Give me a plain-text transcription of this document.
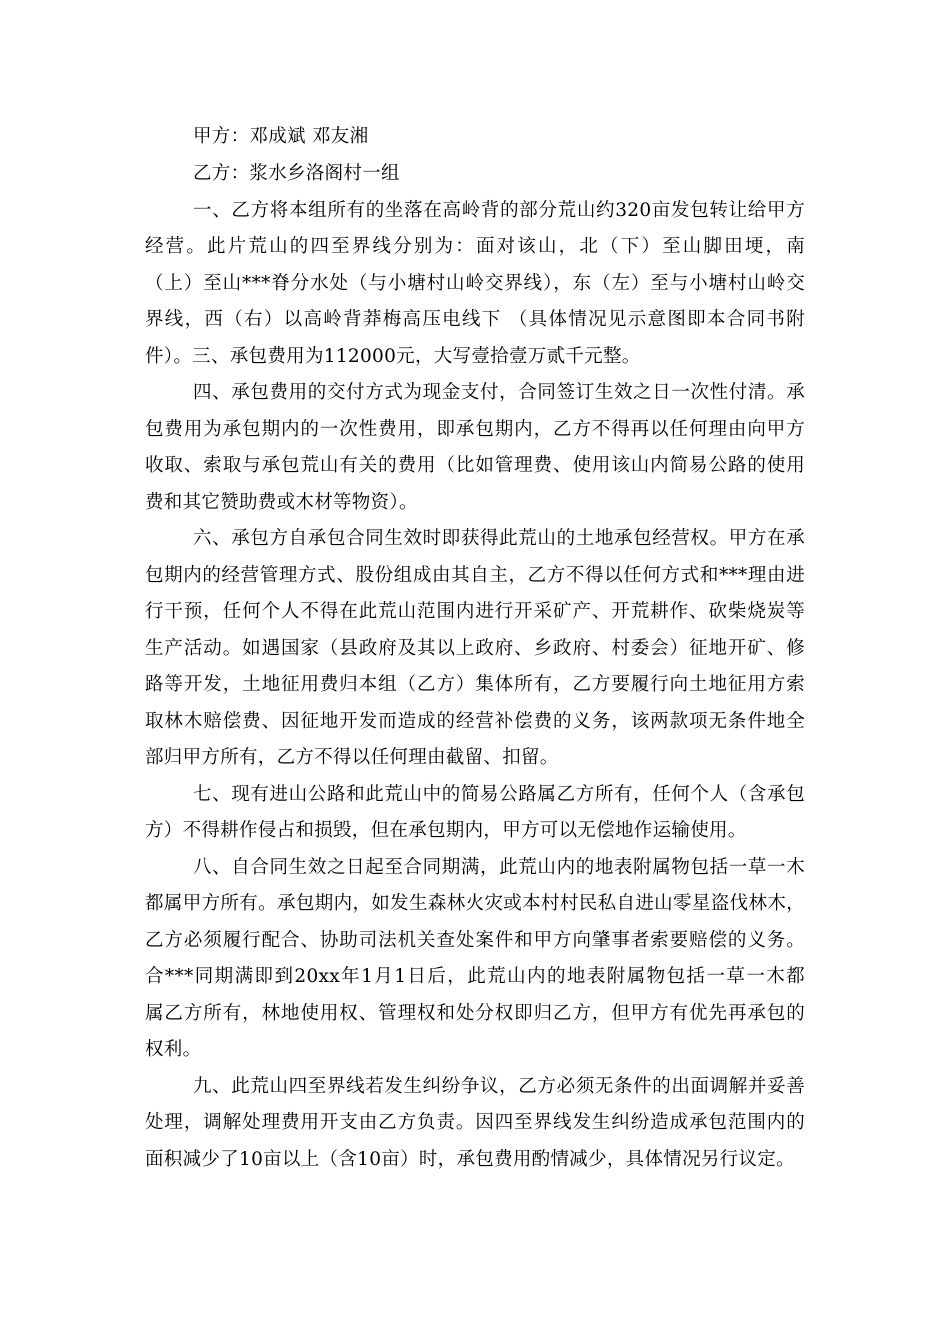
甲方：邓成斌 邓友湘
乙方：浆水乡洛阁村一组
一、乙方将本组所有的坐落在高岭背的部分荒山约320亩发包转让给甲方
经营。此片荒山的四至界线分别为：面对该山，北（下）至山脚田埂，南
（上）至山***脊分水处（与小塘村山岭交界线），东（左）至与小塘村山岭交
界线，西（右）以高岭背莽梅高压电线下 （具体情况见示意图即本合同书附
件）。三、承包费用为112000元，大写壹拾壹万贰千元整。
四、承包费用的交付方式为现金支付，合同签订生效之日一次性付清。承
包费用为承包期内的一次性费用，即承包期内，乙方不得再以任何理由向甲方
收取、索取与承包荒山有关的费用（比如管理费、使用该山内简易公路的使用
费和其它赞助费或木材等物资）。
六、承包方自承包合同生效时即获得此荒山的土地承包经营权。甲方在承
包期内的经营管理方式、股份组成由其自主，乙方不得以任何方式和***理由进
行干预，任何个人不得在此荒山范围内进行开采矿产、开荒耕作、砍柴烧炭等
生产活动。如遇国家（县政府及其以上政府、乡政府、村委会）征地开矿、修
路等开发，土地征用费归本组（乙方）集体所有，乙方要履行向土地征用方索
取林木赔偿费、因征地开发而造成的经营补偿费的义务，该两款项无条件地全
部归甲方所有，乙方不得以任何理由截留、扣留。
七、现有进山公路和此荒山中的简易公路属乙方所有，任何个人（含承包
方）不得耕作侵占和损毁，但在承包期内，甲方可以无偿地作运输使用。
八、自合同生效之日起至合同期满，此荒山内的地表附属物包括一草一木
都属甲方所有。承包期内，如发生森林火灾或本村村民私自进山零星盗伐林木，
乙方必须履行配合、协助司法机关查处案件和甲方向肇事者索要赔偿的义务。
合***同期满即到20xx年1月1日后，此荒山内的地表附属物包括一草一木都
属乙方所有，林地使用权、管理权和处分权即归乙方，但甲方有优先再承包的
权利。
九、此荒山四至界线若发生纠纷争议，乙方必须无条件的出面调解并妥善
处理，调解处理费用开支由乙方负责。因四至界线发生纠纷造成承包范围内的
面积减少了10亩以上（含10亩）时，承包费用酌情减少，具体情况另行议定。
